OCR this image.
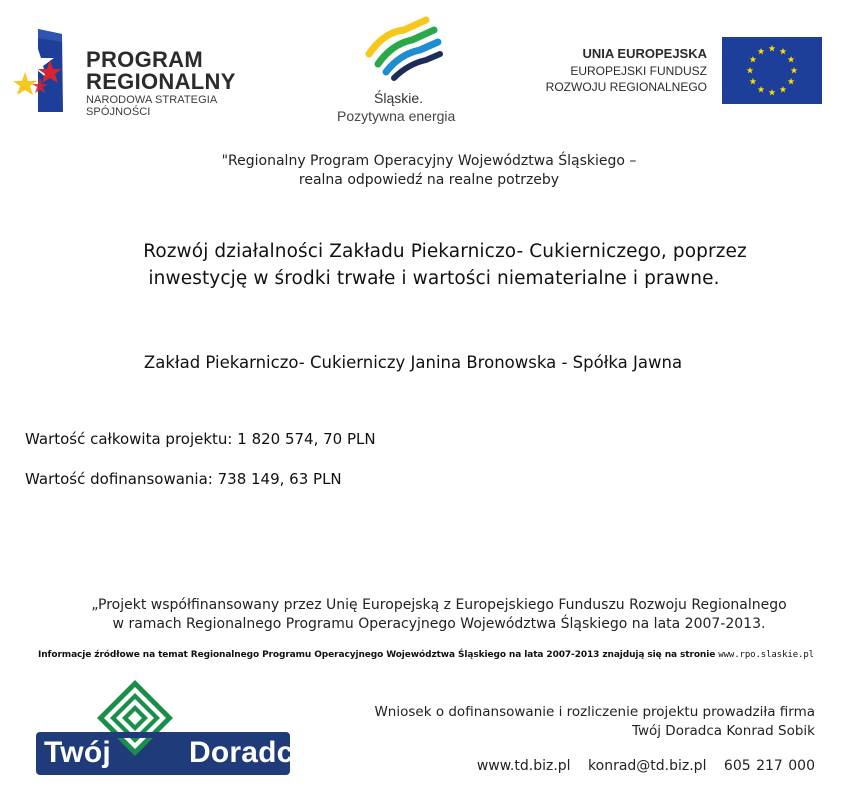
PROGRAM
REGIONALNY
NARODOWA STRATEGIA SPÓJNOŚCI
Śląskie.
Pozytywna energia
UNIA EUROPEJSKA
EUROPEJSKI FUNDUSZ
ROZWOJU REGIONALNEGO
"Regionalny Program Operacyjny Województwa Śląskiego –
realna odpowiedź na realne potrzeby
Rozwój działalności Zakładu Piekarniczo- Cukierniczego, poprzez
inwestycję w środki trwałe i wartości niematerialne i prawne.
Zakład Piekarniczo- Cukierniczy Janina Bronowska - Spółka Jawna
Wartość całkowita projektu: 1 820 574, 70 PLN
Wartość dofinansowania: 738 149, 63 PLN
„Projekt współfinansowany przez Unię Europejską z Europejskiego Funduszu Rozwoju Regionalnego
w ramach Regionalnego Programu Operacyjnego Województwa Śląskiego na lata 2007-2013.
Informacje źródłowe na temat Regionalnego Programu Operacyjnego Województwa Śląskiego na lata 2007-2013 znajdują się na stronie www.rpo.slaskie.pl
Twój	Doradca
Wniosek o dofinansowanie i rozliczenie projektu prowadziła firma
Twój Doradca Konrad Sobik
www.td.biz.pl konrad@td.biz.pl 605 217 000
